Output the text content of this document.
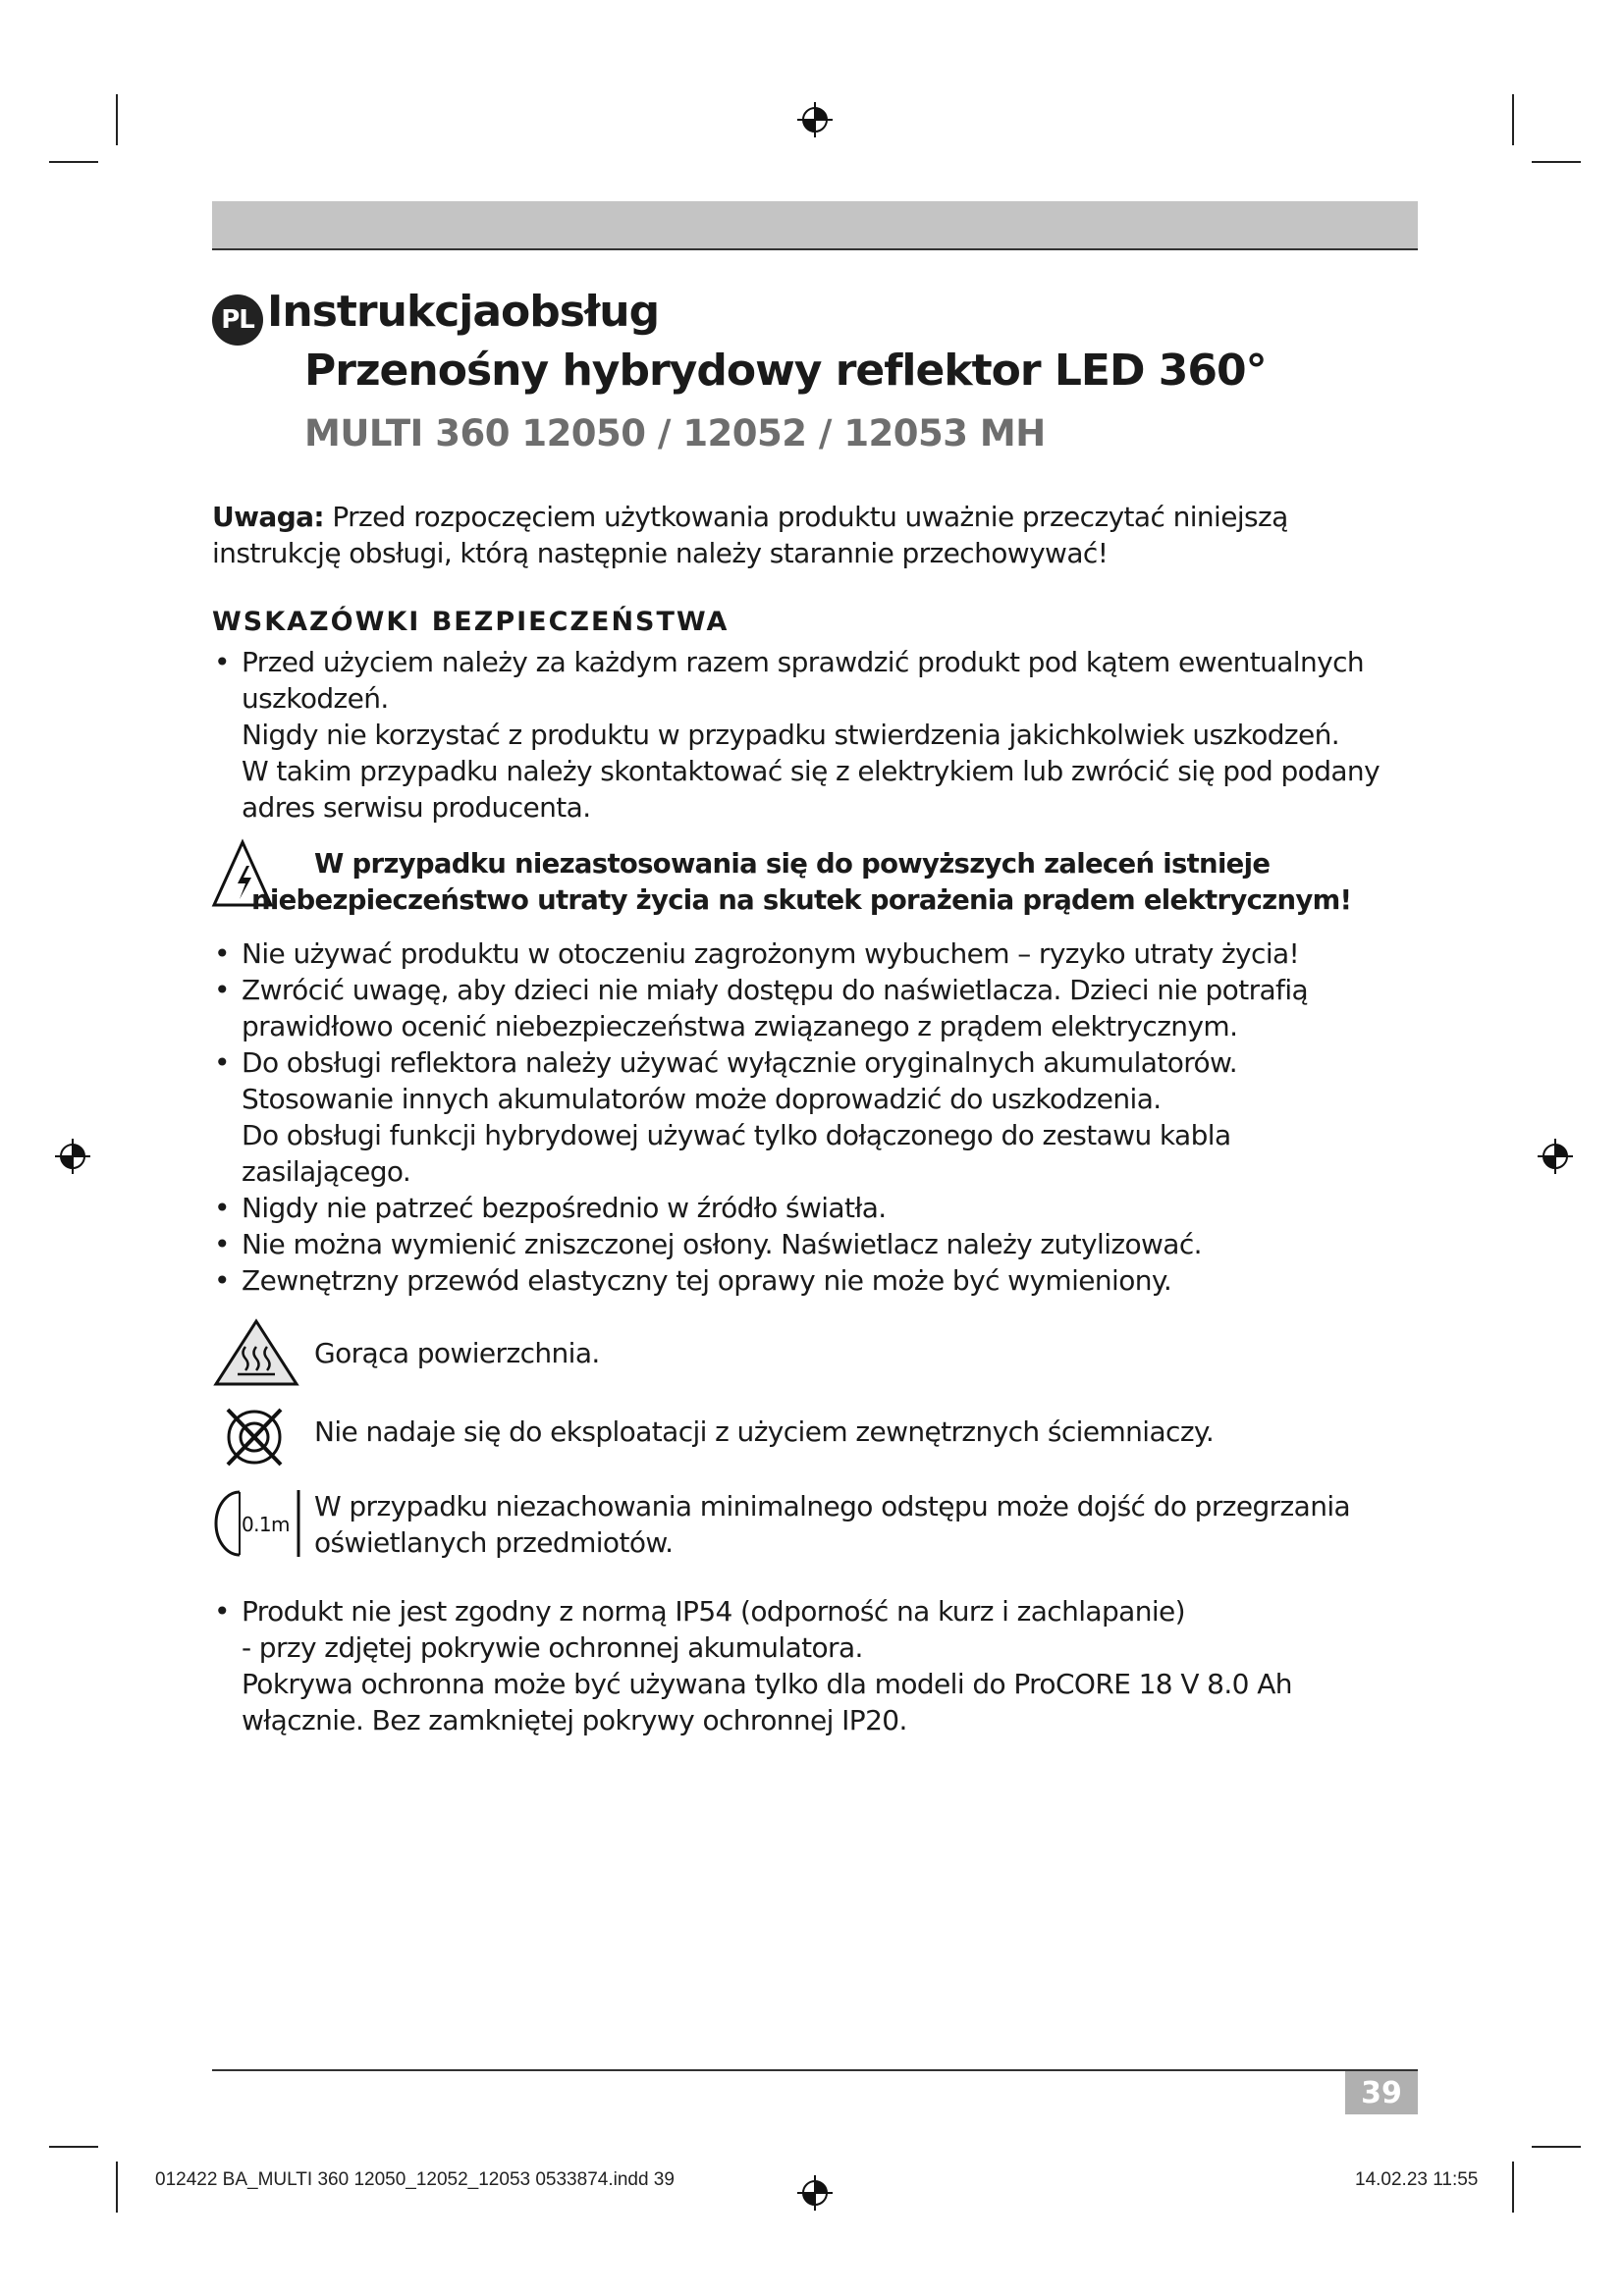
PL Instrukcjaobsług
Przenośny hybrydowy reflektor LED 360°
MULTI 360 12050 / 12052 / 12053 MH
Uwaga: Przed rozpoczęciem użytkowania produktu uważnie przeczytać niniejszą
instrukcję obsługi, którą następnie należy starannie przechowywać!
WSKAZÓWKI BEZPIECZEŃSTWA
• Przed użyciem należy za każdym razem sprawdzić produkt pod kątem ewentualnych
uszkodzeń.
Nigdy nie korzystać z produktu w przypadku stwierdzenia jakichkolwiek uszkodzeń.
W takim przypadku należy skontaktować się z elektrykiem lub zwrócić się pod podany
adres serwisu producenta.
W przypadku niezastosowania się do powyższych zaleceń istnieje
niebezpieczeństwo utraty życia na skutek porażenia prądem elektrycznym!
• Nie używać produktu w otoczeniu zagrożonym wybuchem – ryzyko utraty życia!
• Zwrócić uwagę, aby dzieci nie miały dostępu do naświetlacza. Dzieci nie potrafią
prawidłowo ocenić niebezpieczeństwa związanego z prądem elektrycznym.
• Do obsługi reflektora należy używać wyłącznie oryginalnych akumulatorów.
Stosowanie innych akumulatorów może doprowadzić do uszkodzenia.
Do obsługi funkcji hybrydowej używać tylko dołączonego do zestawu kabla
zasilającego.
• Nigdy nie patrzeć bezpośrednio w źródło światła.
• Nie można wymienić zniszczonej osłony. Naświetlacz należy zutylizować.
• Zewnętrzny przewód elastyczny tej oprawy nie może być wymieniony.
Gorąca powierzchnia.
Nie nadaje się do eksploatacji z użyciem zewnętrznych ściemniaczy.
0.1m
W przypadku niezachowania minimalnego odstępu może dojść do przegrzania
oświetlanych przedmiotów.
• Produkt nie jest zgodny z normą IP54 (odporność na kurz i zachlapanie)
- przy zdjętej pokrywie ochronnej akumulatora.
Pokrywa ochronna może być używana tylko dla modeli do ProCORE 18 V 8.0 Ah
włącznie. Bez zamkniętej pokrywy ochronnej IP20.
39
012422 BA_MULTI 360 12050_12052_12053 0533874.indd 39	14.02.23 11:55
